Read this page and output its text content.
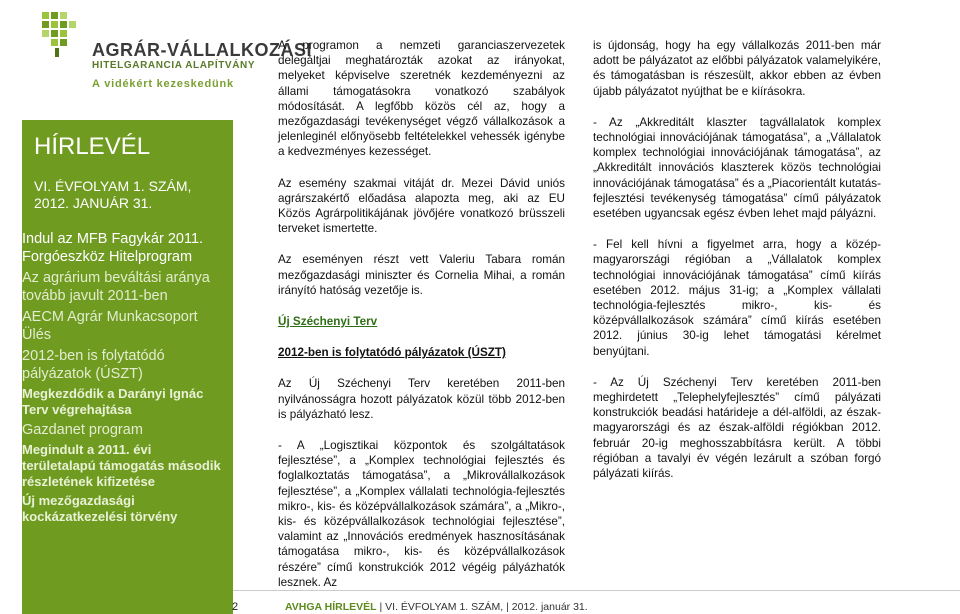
AGRÁR-VÁLLALKOZÁSI
HITELGARANCIA ALAPÍTVÁNY
A vidékért kezeskedünk
HÍRLEVÉL
VI. ÉVFOLYAM 1. SZÁM,
2012. JANUÁR 31.
Indul az MFB Fagykár 2011. Forgóeszköz Hitelprogram
Az agrárium beváltási aránya tovább javult 2011-ben
AECM Agrár Munkacsoport Ülés
2012-ben is folytatódó pályázatok (ÚSZT)
Megkezdődik a Darányi Ignác Terv végrehajtása
Gazdanet program
Megindult a 2011. évi területalapú támogatás második részletének kifizetése
Új mezőgazdasági kockázatkezelési törvény

A programon a nemzeti garanciaszervezetek delegáltjai meghatározták azokat az irányokat, melyeket képviselve szeretnék kezdeményezni az állami támogatásokra vonatkozó szabályok módosítását. A legfőbb közös cél az, hogy a mezőgazdasági tevékenységet végző vállalkozások a jelenleginél előnyösebb feltételekkel vehessék igénybe a kedvezményes kezességet.

Az esemény szakmai vitáját dr. Mezei Dávid uniós agrárszakértő előadása alapozta meg, aki az EU Közös Agrárpolitikájának jövőjére vonatkozó brüsszeli terveket ismertette.

Az eseményen részt vett Valeriu Tabara román mezőgazdasági miniszter és Cornelia Mihai, a román irányító hatóság vezetője is.

Új Széchenyi Terv

2012-ben is folytatódó pályázatok (ÚSZT)

Az Új Széchenyi Terv keretében 2011-ben nyilvánosságra hozott pályázatok közül több 2012-ben is pályázható lesz.

- A „Logisztikai központok és szolgáltatások fejlesztése”, a „Komplex technológiai fejlesztés és foglalkoztatás támogatása”, a „Mikrovállalkozások fejlesztése”, a „Komplex vállalati technológia-fejlesztés mikro-, kis- és középvállalkozások számára”, a „Mikro-, kis- és középvállalkozások technológiai fejlesztése”, valamint az „Innovációs eredmények hasznosításának támogatása mikro-, kis- és középvállalkozások részére” című konstrukciók 2012 végéig pályázhatók lesznek. Az

is újdonság, hogy ha egy vállalkozás 2011-ben már adott be pályázatot az előbbi pályázatok valamelyikére, és támogatásban is részesült, akkor ebben az évben újabb pályázatot nyújthat be e kiírásokra.

- Az „Akkreditált klaszter tagvállalatok komplex technológiai innovációjának támogatása”, a „Vállalatok komplex technológiai innovációjának támogatása”, az „Akkreditált innovációs klaszterek közös technológiai innovációjának támogatása” és a „Piacorientált kutatás-fejlesztési tevékenység támogatása” című pályázatok esetében ugyancsak egész évben lehet majd pályázni.

- Fel kell hívni a figyelmet arra, hogy a közép-magyarországi régióban a „Vállalatok komplex technológiai innovációjának támogatása” című kiírás esetében 2012. május 31-ig; a „Komplex vállalati technológia-fejlesztés mikro-, kis- és középvállalkozások számára” című kiírás esetében 2012. június 30-ig lehet támogatási kérelmet benyújtani.

- Az Új Széchenyi Terv keretében 2011-ben meghirdetett „Telephelyfejlesztés” című pályázati konstrukciók beadási határideje a dél-alföldi, az észak-magyarországi és az észak-alföldi régiókban 2012. február 20-ig meghosszabbításra került. A többi régióban a tavalyi év végén lezárult a szóban forgó pályázati kiírás.

2	AVHGA HÍRLEVÉL | VI. ÉVFOLYAM 1. SZÁM, | 2012. január 31.
